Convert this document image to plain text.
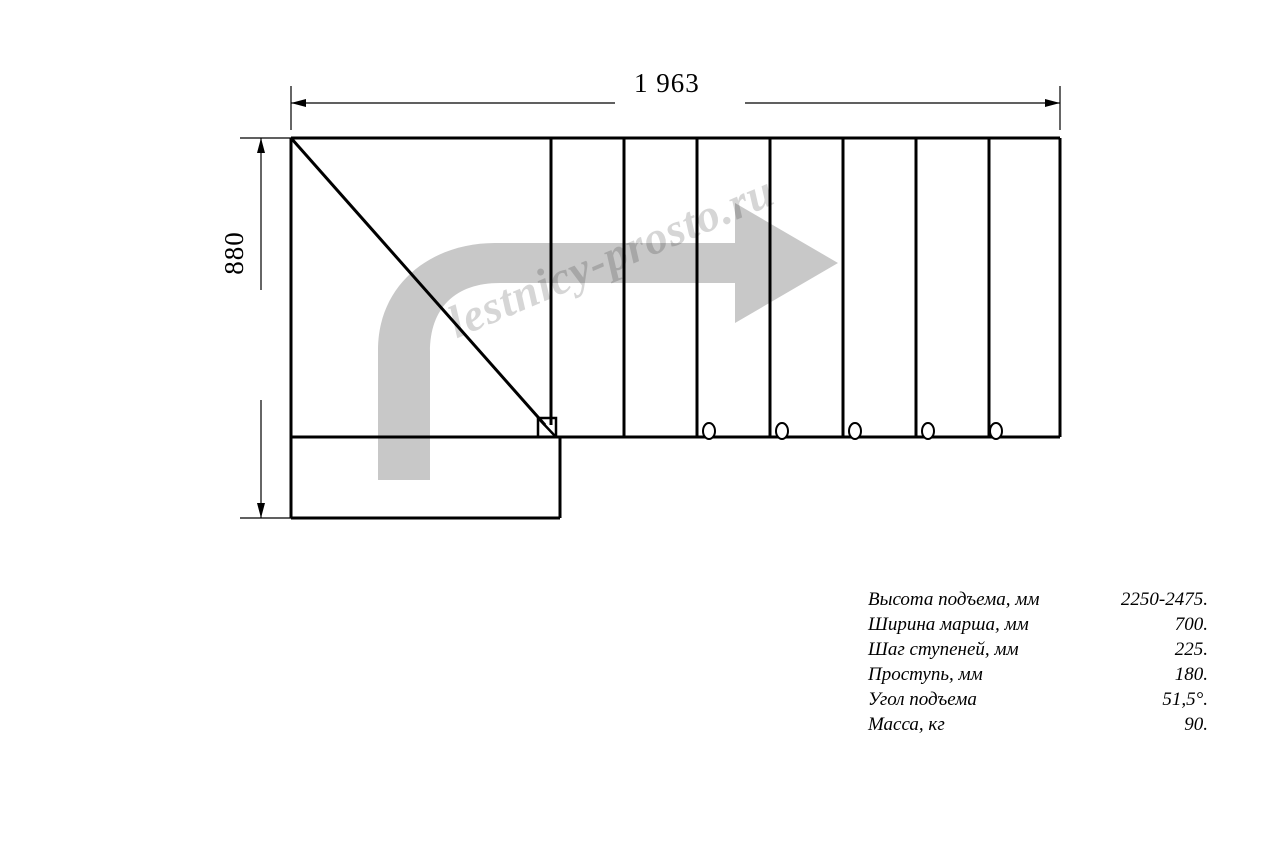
1 963
880
Высота подъема, мм	2250-2475.
Ширина марша, мм	700.
Шаг ступеней, мм	225.
Проступь, мм	180.
Угол подъема	51,5°.
Масса, кг	90.
